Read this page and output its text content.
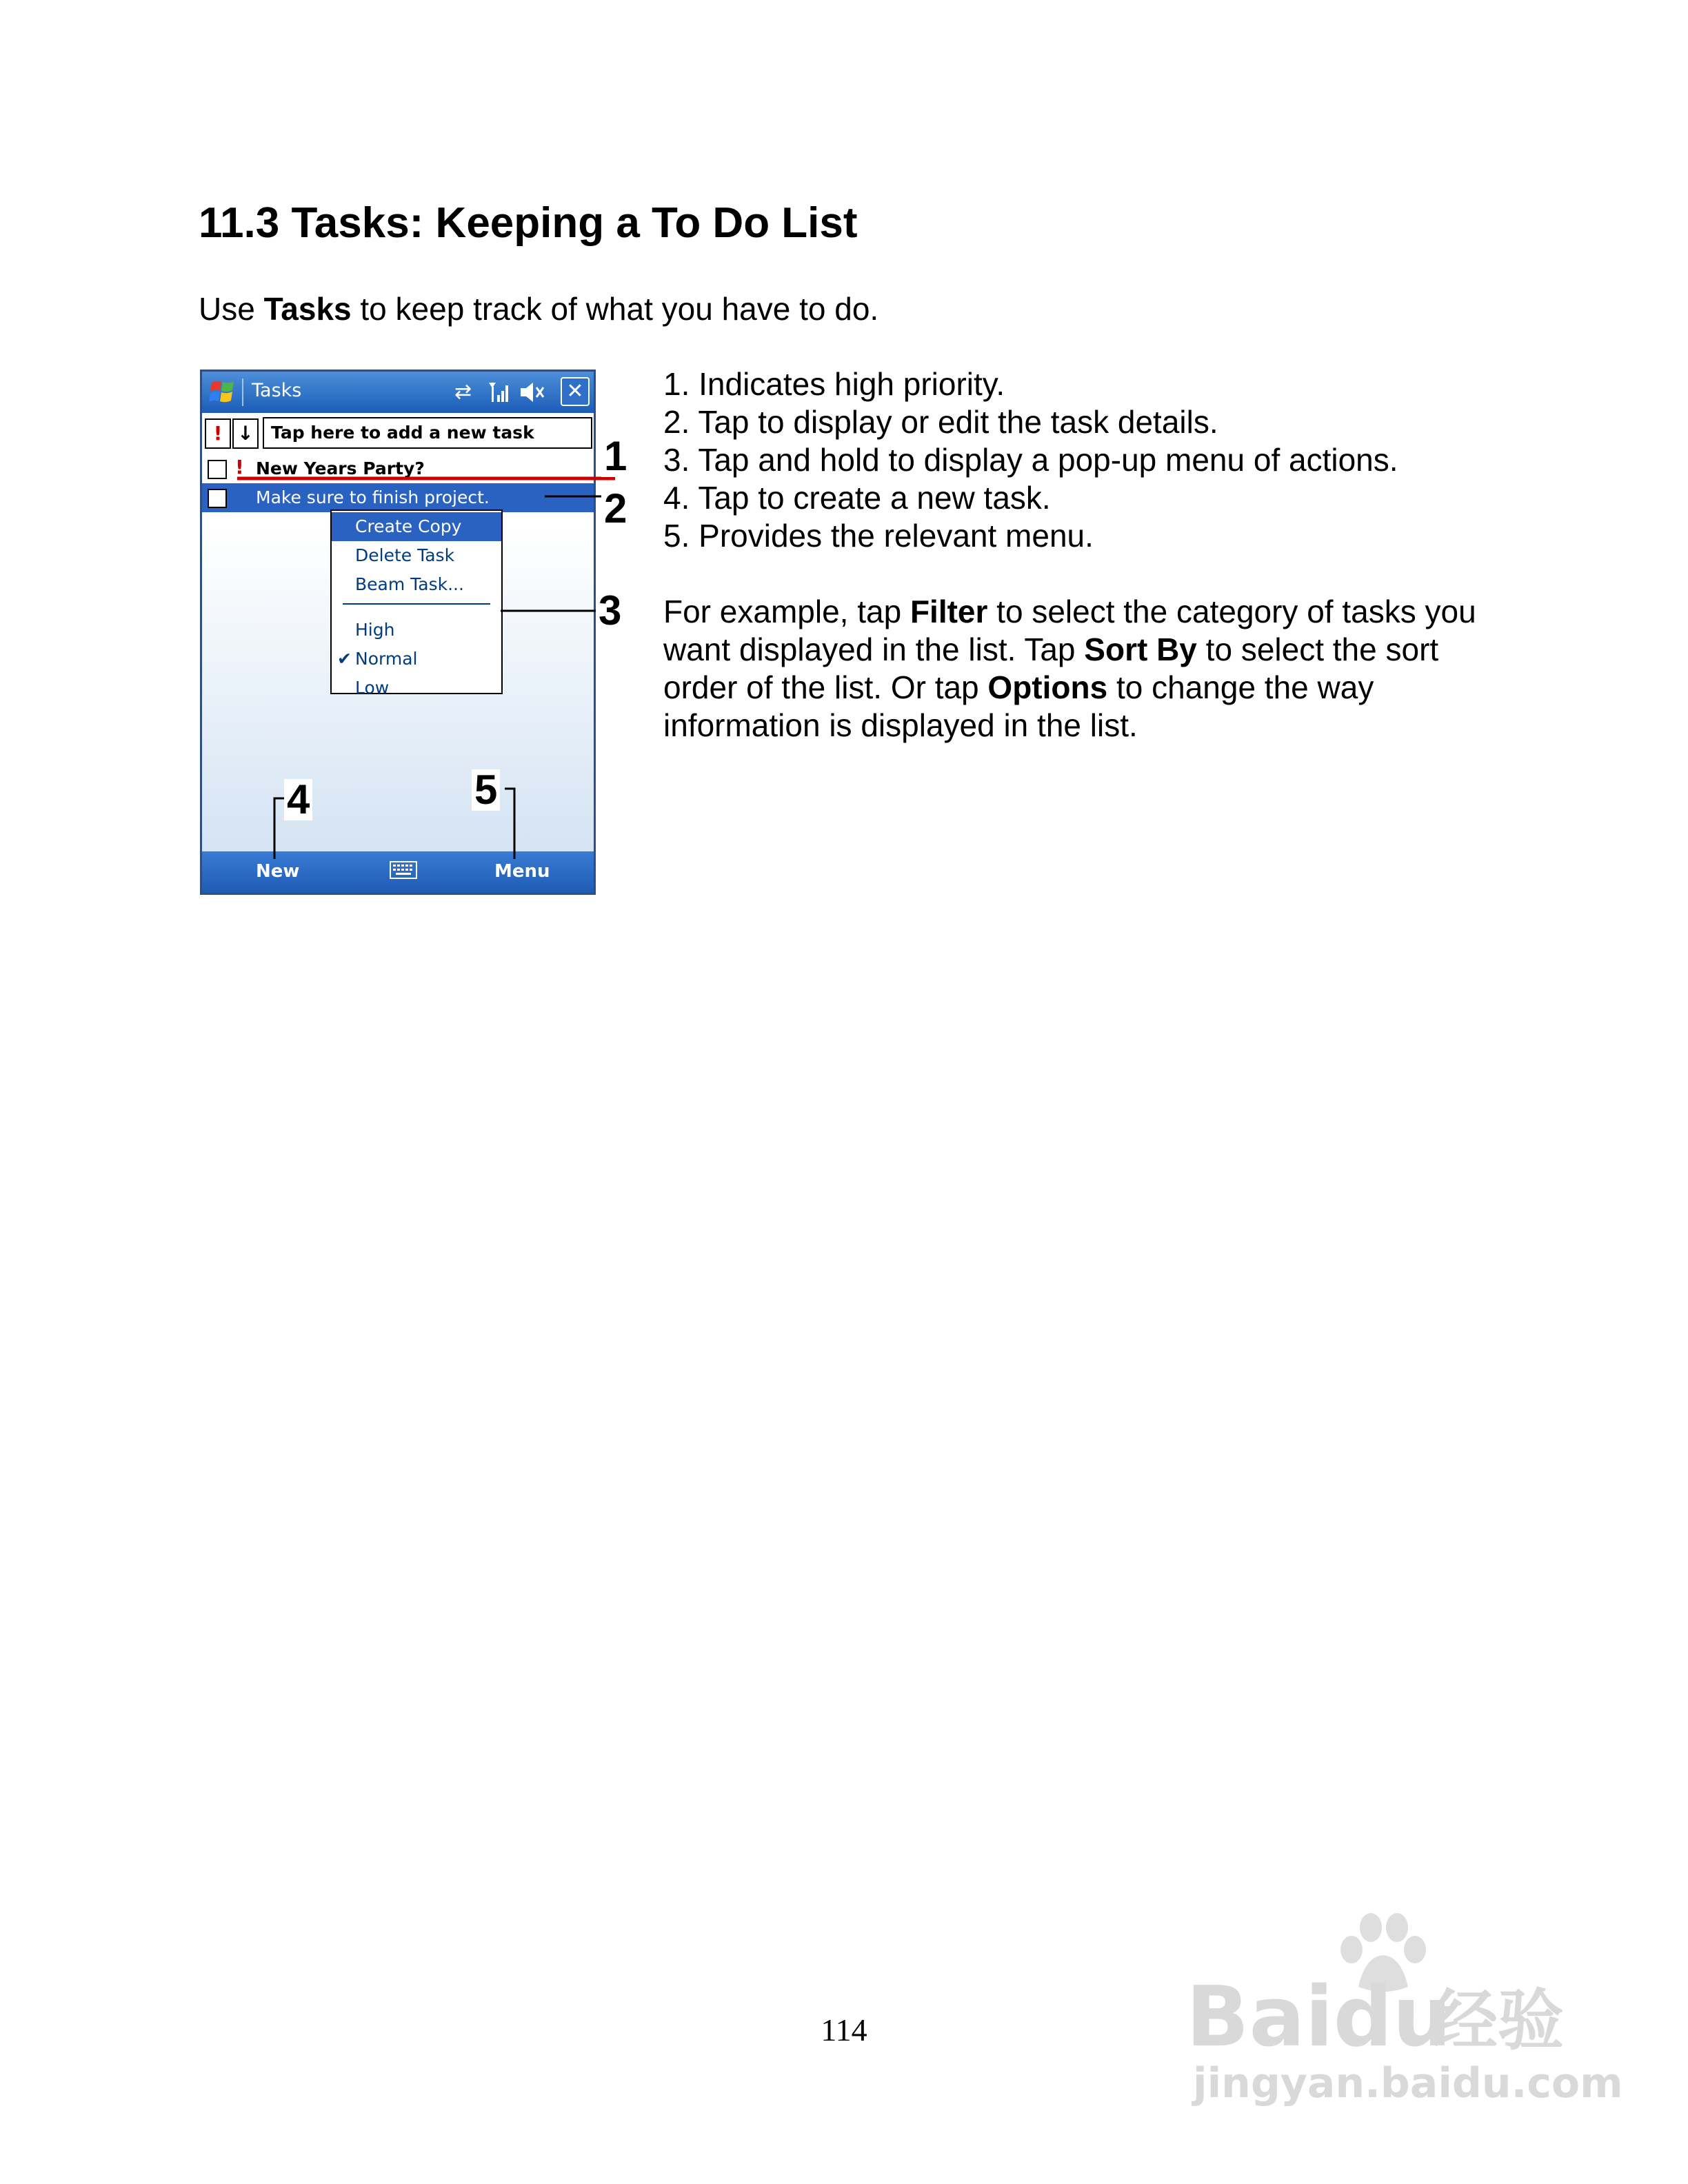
11.3 Tasks: Keeping a To Do List

Use Tasks to keep track of what you have to do.

Tasks	⇄	✕
! ↓	Tap here to add a new task
! New Years Party?
Make sure to finish project.
Create Copy
Delete Task
Beam Task...
High
✔ Normal
Low
New	Menu
1
2
3
4	5
1. Indicates high priority.
2. Tap to display or edit the task details.
3. Tap and hold to display a pop-up menu of actions.
4. Tap to create a new task.
5. Provides the relevant menu.

For example, tap Filter to select the category of tasks you want displayed in the list. Tap Sort By to select the sort order of the list. Or tap Options to change the way information is displayed in the list.

114	Baidu
经验
jingyan.baidu.com
